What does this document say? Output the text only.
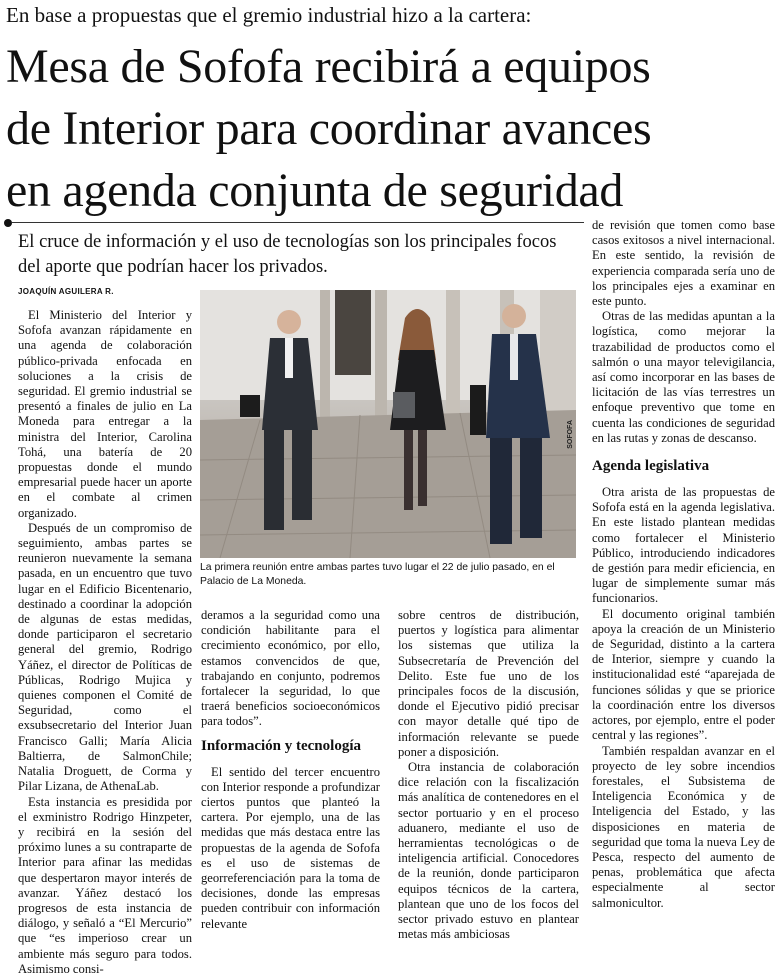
En base a propuestas que el gremio industrial hizo a la cartera:
Mesa de Sofofa recibirá a equipos
de Interior para coordinar avances
en agenda conjunta de seguridad
El cruce de información y el uso de tecnologías son los principales focos del aporte que podrían hacer los privados.
JOAQUÍN AGUILERA R.
SOFOFA
La primera reunión entre ambas partes tuvo lugar el 22 de julio pasado, en el Palacio de La Moneda.

El Ministerio del Interior y Sofofa avanzan rápidamente en una agenda de colaboración público-privada enfocada en soluciones a la crisis de seguridad. El gremio industrial se presentó a finales de julio en La Moneda para entregar a la ministra del Interior, Carolina Tohá, una batería de 20 propuestas donde el mundo empresarial puede hacer un aporte en el combate al crimen organizado.

Después de un compromiso de seguimiento, ambas partes se reunieron nuevamente la semana pasada, en un encuentro que tuvo lugar en el Edificio Bicentenario, destinado a coordinar la adopción de algunas de estas medidas, donde participaron el secretario general del gremio, Rodrigo Yáñez, el director de Políticas de Públicas, Rodrigo Mujica y quienes componen el Comité de Seguridad, como el exsubsecretario del Interior Juan Francisco Galli; María Alicia Baltierra, de SalmonChile; Natalia Droguett, de Corma y Pilar Lizana, de AthenaLab.

Esta instancia es presidida por el exministro Rodrigo Hinzpeter, y recibirá en la sesión del próximo lunes a su contraparte de Interior para afinar las medidas que despertaron mayor interés de avanzar. Yáñez destacó los progresos de esta instancia de diálogo, y señaló a “El Mercurio” que “es imperioso crear un ambiente más seguro para todos. Asimismo consi-

deramos a la seguridad como una condición habilitante para el crecimiento económico, por ello, estamos convencidos de que, trabajando en conjunto, podremos fortalecer la seguridad, lo que traerá beneficios socioeconómicos para todos”.

Información y tecnología

El sentido del tercer encuentro con Interior responde a profundizar ciertos puntos que planteó la cartera. Por ejemplo, una de las medidas que más destaca entre las propuestas de la agenda de Sofofa es el uso de sistemas de georreferenciación para la toma de decisiones, donde las empresas pueden contribuir con información relevante

sobre centros de distribución, puertos y logística para alimentar los sistemas que utiliza la Subsecretaría de Prevención del Delito. Este fue uno de los principales focos de la discusión, donde el Ejecutivo pidió precisar con mayor detalle qué tipo de información relevante se puede poner a disposición.

Otra instancia de colaboración dice relación con la fiscalización más analítica de contenedores en el sector portuario y en el proceso aduanero, mediante el uso de herramientas tecnológicas o de inteligencia artificial. Conocedores de la reunión, donde participaron equipos técnicos de la cartera, plantean que uno de los focos del sector privado estuvo en plantear metas más ambiciosas

de revisión que tomen como base casos exitosos a nivel internacional. En este sentido, la revisión de experiencia comparada sería uno de los principales ejes a examinar en este punto.

Otras de las medidas apuntan a la logística, como mejorar la trazabilidad de productos como el salmón o una mayor televigilancia, así como incorporar en las bases de licitación de las vías terrestres un enfoque preventivo que tome en cuenta las condiciones de seguridad en las rutas y zonas de descanso.

Agenda legislativa

Otra arista de las propuestas de Sofofa está en la agenda legislativa. En este listado plantean medidas como fortalecer el Ministerio Público, introduciendo indicadores de gestión para medir eficiencia, en lugar de simplemente sumar más funcionarios.

El documento original también apoya la creación de un Ministerio de Seguridad, distinto a la cartera de Interior, siempre y cuando la institucionalidad esté “aparejada de funciones sólidas y que se priorice la coordinación entre los diversos actores, por ejemplo, entre el poder central y las regiones”.

También respaldan avanzar en el proyecto de ley sobre incendios forestales, el Subsistema de Inteligencia Económica y de Inteligencia del Estado, y las disposiciones en materia de seguridad que toma la nueva Ley de Pesca, respecto del aumento de penas, problemática que afecta especialmente al sector salmonicultor.
